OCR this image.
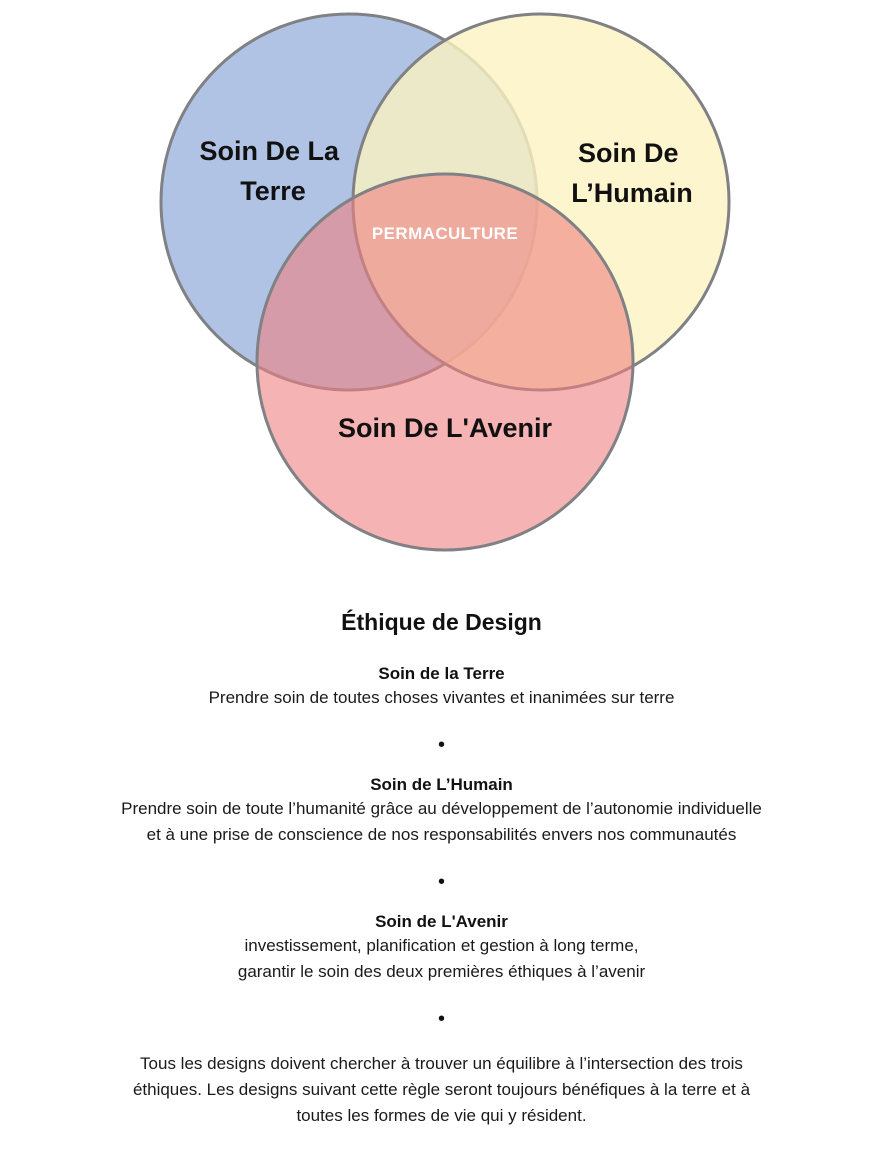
Soin De La Terre
Soin De L’Humain
Soin De L'Avenir
PERMACULTURE
Éthique de Design
Soin de la Terre
Prendre soin de toutes choses vivantes et inanimées sur terre
•
Soin de L’Humain
Prendre soin de toute l’humanité grâce au développement de l’autonomie individuelle
et à une prise de conscience de nos responsabilités envers nos communautés
•
Soin de L'Avenir
investissement, planification et gestion à long terme,
garantir le soin des deux premières éthiques à l’avenir
•
Tous les designs doivent chercher à trouver un équilibre à l’intersection des trois
éthiques. Les designs suivant cette règle seront toujours bénéfiques à la terre et à
toutes les formes de vie qui y résident.
